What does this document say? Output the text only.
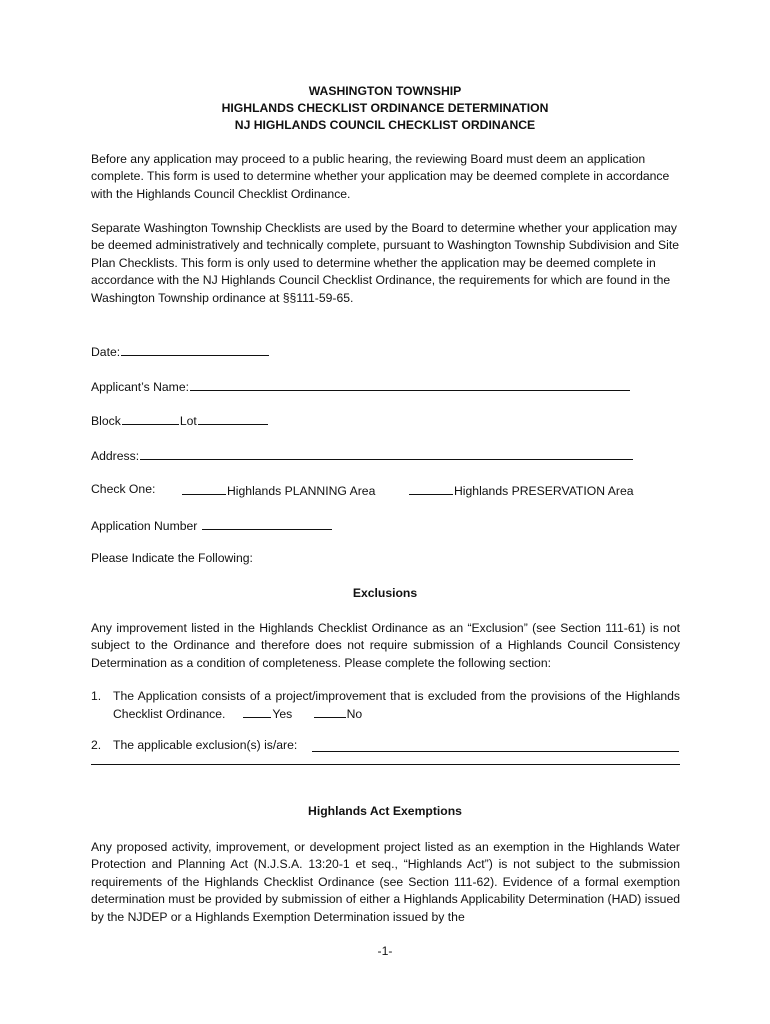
WASHINGTON TOWNSHIP
HIGHLANDS CHECKLIST ORDINANCE DETERMINATION
NJ HIGHLANDS COUNCIL CHECKLIST ORDINANCE
Before any application may proceed to a public hearing, the reviewing Board must deem an application complete. This form is used to determine whether your application may be deemed complete in accordance with the Highlands Council Checklist Ordinance.
Separate Washington Township Checklists are used by the Board to determine whether your application may be deemed administratively and technically complete, pursuant to Washington Township Subdivision and Site Plan Checklists. This form is only used to determine whether the application may be deemed complete in accordance with the NJ Highlands Council Checklist Ordinance, the requirements for which are found in the Washington Township ordinance at §§111-59-65.
Date:
Applicant’s Name:
Block	Lot
Address:
Check One:	Highlands PLANNING Area	Highlands PRESERVATION Area
Application Number
Please Indicate the Following:
Exclusions
Any improvement listed in the Highlands Checklist Ordinance as an “Exclusion” (see Section 111-61) is not subject to the Ordinance and therefore does not require submission of a Highlands Council Consistency Determination as a condition of completeness. Please complete the following section:
1. The Application consists of a project/improvement that is excluded from the provisions of the Highlands Checklist Ordinance.	Yes	No
2. The applicable exclusion(s) is/are:
Highlands Act Exemptions
Any proposed activity, improvement, or development project listed as an exemption in the Highlands Water Protection and Planning Act (N.J.S.A. 13:20-1 et seq., “Highlands Act”) is not subject to the submission requirements of the Highlands Checklist Ordinance (see Section 111-62). Evidence of a formal exemption determination must be provided by submission of either a Highlands Applicability Determination (HAD) issued by the NJDEP or a Highlands Exemption Determination issued by the
-1-
